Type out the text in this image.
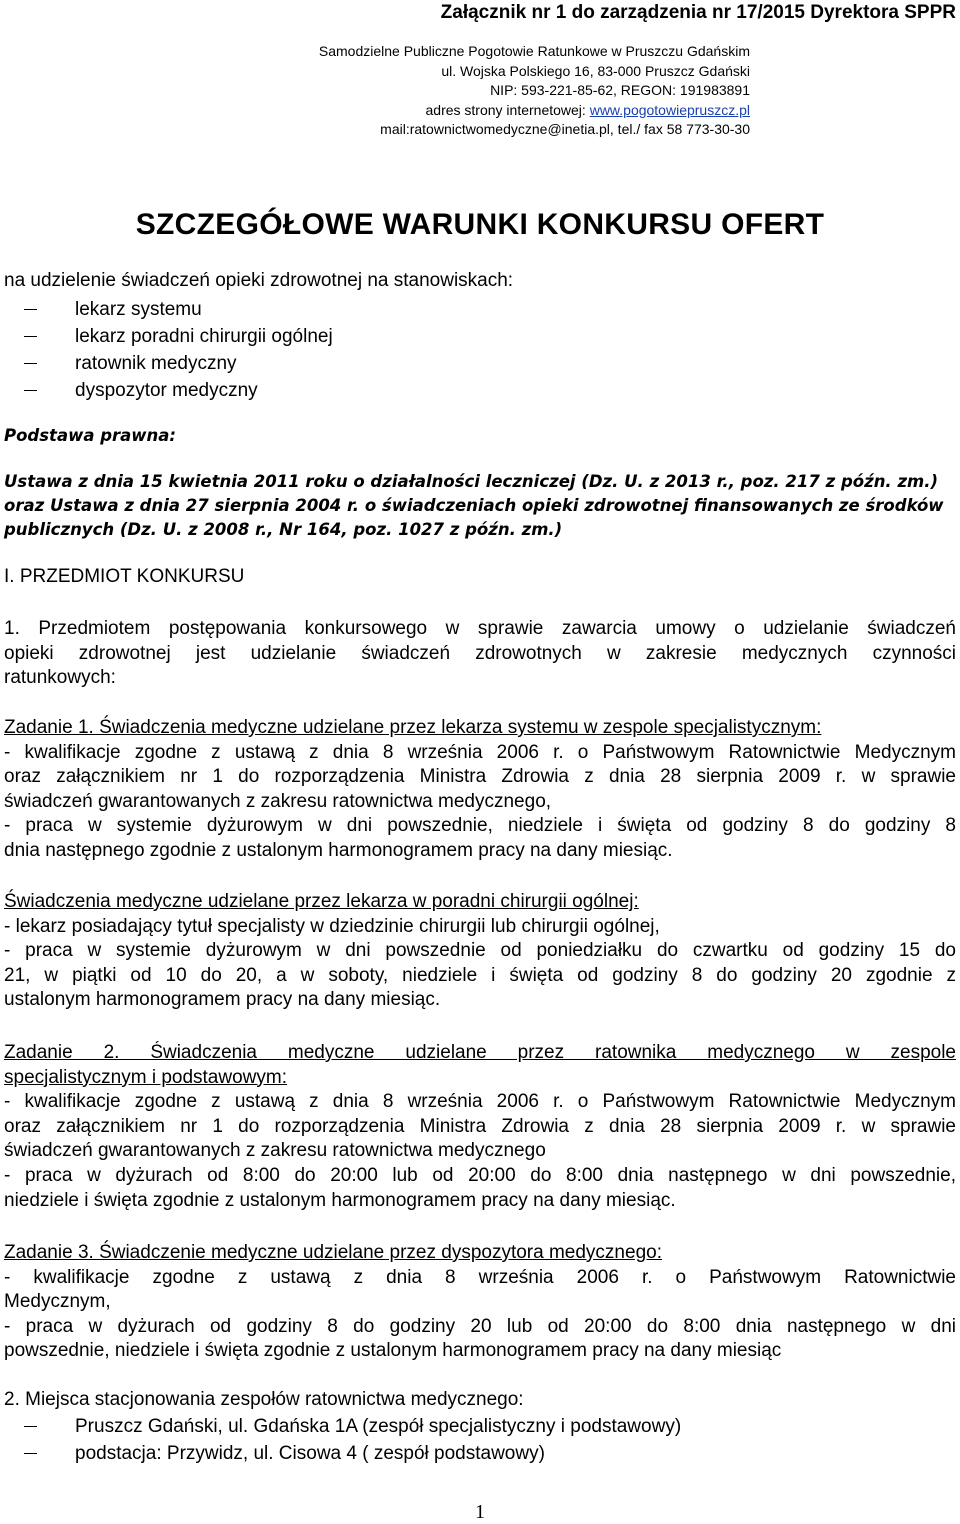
Załącznik nr 1 do zarządzenia nr 17/2015 Dyrektora SPPR
Samodzielne Publiczne Pogotowie Ratunkowe w Pruszczu Gdańskim
ul. Wojska Polskiego 16, 83-000 Pruszcz Gdański
NIP: 593-221-85-62, REGON: 191983891
adres strony internetowej: www.pogotowiepruszcz.pl
mail:ratownictwomedyczne@inetia.pl, tel./ fax 58 773-30-30
SZCZEGÓŁOWE WARUNKI KONKURSU OFERT
na udzielenie świadczeń opieki zdrowotnej na stanowiskach:
lekarz systemu
lekarz poradni chirurgii ogólnej
ratownik medyczny
dyspozytor medyczny
Podstawa prawna:
Ustawa z dnia 15 kwietnia 2011 roku o działalności leczniczej (Dz. U. z 2013 r., poz. 217 z późn. zm.)
oraz Ustawa z dnia 27 sierpnia 2004 r. o świadczeniach opieki zdrowotnej finansowanych ze środków
publicznych (Dz. U. z 2008 r., Nr 164, poz. 1027 z późn. zm.)
I. PRZEDMIOT KONKURSU
1. Przedmiotem postępowania konkursowego w sprawie zawarcia umowy o udzielanie świadczeń
opieki zdrowotnej jest udzielanie świadczeń zdrowotnych w zakresie medycznych czynności
ratunkowych:
Zadanie 1. Świadczenia medyczne udzielane przez lekarza systemu w zespole specjalistycznym:
- kwalifikacje zgodne z ustawą z dnia 8 września 2006 r. o Państwowym Ratownictwie Medycznym
oraz załącznikiem nr 1 do rozporządzenia Ministra Zdrowia z dnia 28 sierpnia 2009 r. w sprawie
świadczeń gwarantowanych z zakresu ratownictwa medycznego,
- praca w systemie dyżurowym w dni powszednie, niedziele i święta od godziny 8 do godziny 8
dnia następnego zgodnie z ustalonym harmonogramem pracy na dany miesiąc.
Świadczenia medyczne udzielane przez lekarza w poradni chirurgii ogólnej:
- lekarz posiadający tytuł specjalisty w dziedzinie chirurgii lub chirurgii ogólnej,
- praca w systemie dyżurowym w dni powszednie od poniedziałku do czwartku od godziny 15 do
21, w piątki od 10 do 20, a w soboty, niedziele i święta od godziny 8 do godziny 20 zgodnie z
ustalonym harmonogramem pracy na dany miesiąc.
Zadanie 2. Świadczenia medyczne udzielane przez ratownika medycznego w zespole
specjalistycznym i podstawowym:
- kwalifikacje zgodne z ustawą z dnia 8 września 2006 r. o Państwowym Ratownictwie Medycznym
oraz załącznikiem nr 1 do rozporządzenia Ministra Zdrowia z dnia 28 sierpnia 2009 r. w sprawie
świadczeń gwarantowanych z zakresu ratownictwa medycznego
- praca w dyżurach od 8:00 do 20:00 lub od 20:00 do 8:00 dnia następnego w dni powszednie,
niedziele i święta zgodnie z ustalonym harmonogramem pracy na dany miesiąc.
Zadanie 3. Świadczenie medyczne udzielane przez dyspozytora medycznego:
- kwalifikacje zgodne z ustawą z dnia 8 września 2006 r. o Państwowym Ratownictwie
Medycznym,
- praca w dyżurach od godziny 8 do godziny 20 lub od 20:00 do 8:00 dnia następnego w dni
powszednie, niedziele i święta zgodnie z ustalonym harmonogramem pracy na dany miesiąc
2. Miejsca stacjonowania zespołów ratownictwa medycznego:
Pruszcz Gdański, ul. Gdańska 1A (zespół specjalistyczny i podstawowy)
podstacja: Przywidz, ul. Cisowa 4 ( zespół podstawowy)
1
